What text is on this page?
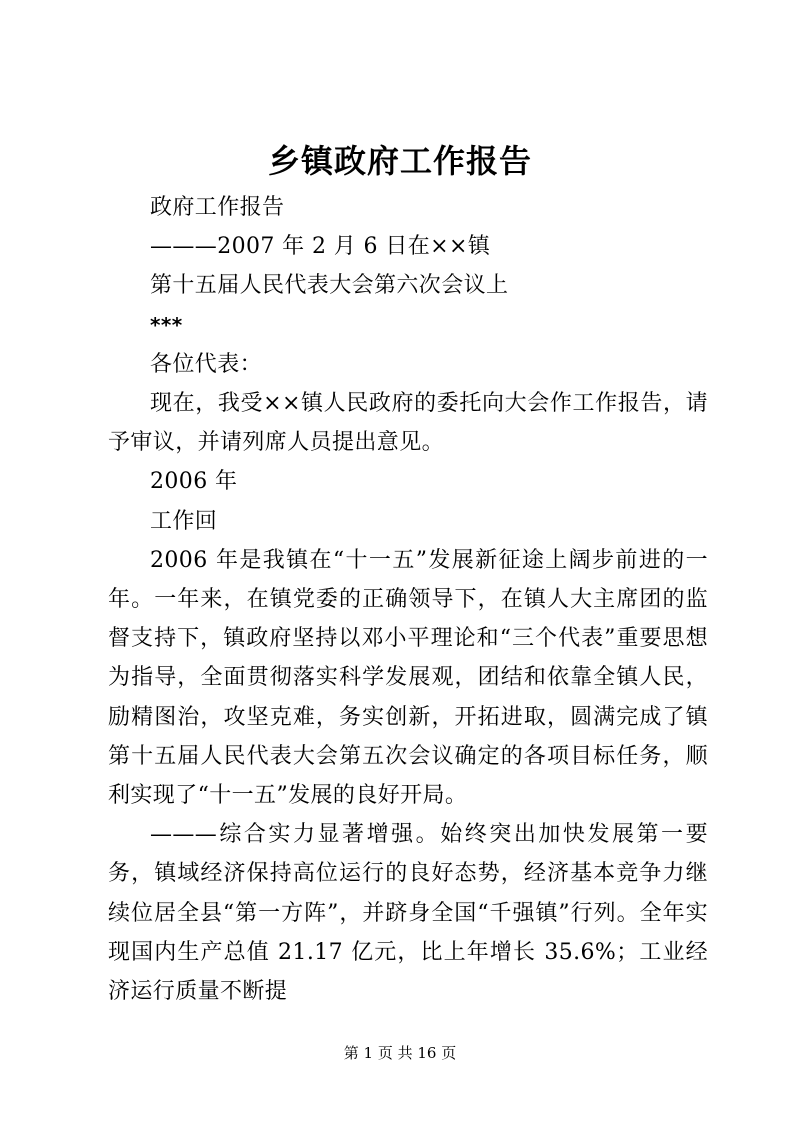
乡镇政府工作报告

政府工作报告

———2007 年 2 月 6 日在××镇

第十五届人民代表大会第六次会议上

***

各位代表：

现在，我受××镇人民政府的委托向大会作工作报告，请予审议，并请列席人员提出意见。

2006 年

工作回

2006 年是我镇在“十一五”发展新征途上阔步前进的一年。一年来，在镇党委的正确领导下，在镇人大主席团的监督支持下，镇政府坚持以邓小平理论和“三个代表”重要思想为指导，全面贯彻落实科学发展观，团结和依靠全镇人民，励精图治，攻坚克难，务实创新，开拓进取，圆满完成了镇第十五届人民代表大会第五次会议确定的各项目标任务，顺利实现了“十一五”发展的良好开局。

———综合实力显著增强。始终突出加快发展第一要务，镇域经济保持高位运行的良好态势，经济基本竞争力继续位居全县“第一方阵”，并跻身全国“千强镇”行列。全年实现国内生产总值 21.17 亿元，比上年增长 35.6%；工业经济运行质量不断提

第 1 页 共 16 页
